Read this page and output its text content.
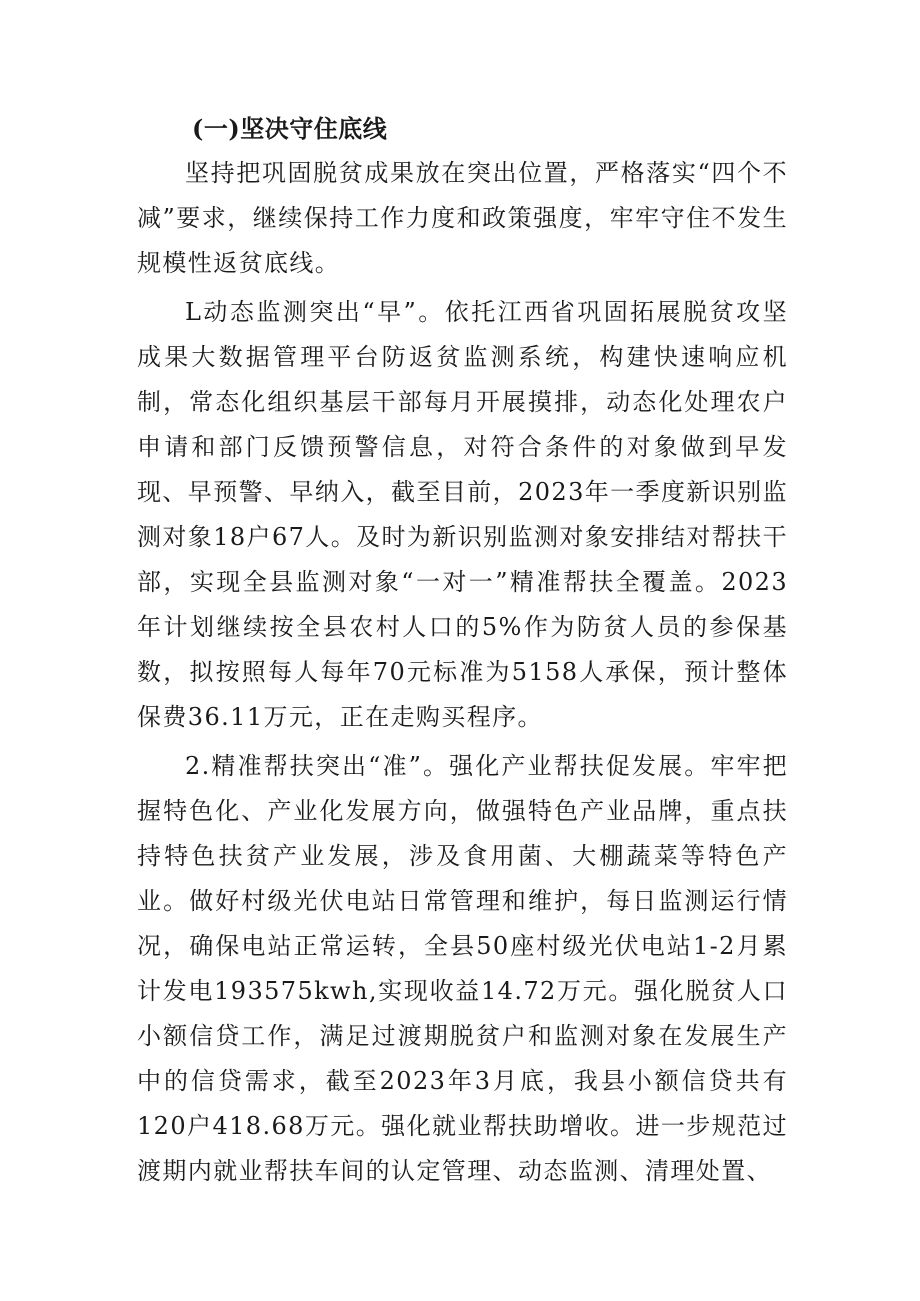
(一)坚决守住底线

坚持把巩固脱贫成果放在突出位置，严格落实“四个不减”要求，继续保持工作力度和政策强度，牢牢守住不发生规模性返贫底线。

L动态监测突出“早”。依托江西省巩固拓展脱贫攻坚成果大数据管理平台防返贫监测系统，构建快速响应机制，常态化组织基层干部每月开展摸排，动态化处理农户申请和部门反馈预警信息，对符合条件的对象做到早发现、早预警、早纳入，截至目前，2023年一季度新识别监测对象18户67人。及时为新识别监测对象安排结对帮扶干部，实现全县监测对象“一对一”精准帮扶全覆盖。2023年计划继续按全县农村人口的5%作为防贫人员的参保基数，拟按照每人每年70元标准为5158人承保，预计整体保费36.11万元，正在走购买程序。

2.精准帮扶突出“准”。强化产业帮扶促发展。牢牢把握特色化、产业化发展方向，做强特色产业品牌，重点扶持特色扶贫产业发展，涉及食用菌、大棚蔬菜等特色产业。做好村级光伏电站日常管理和维护，每日监测运行情况，确保电站正常运转，全县50座村级光伏电站1-2月累计发电193575kwh,实现收益14.72万元。强化脱贫人口小额信贷工作，满足过渡期脱贫户和监测对象在发展生产中的信贷需求，截至2023年3月底，我县小额信贷共有120户418.68万元。强化就业帮扶助增收。进一步规范过渡期内就业帮扶车间的认定管理、动态监测、清理处置、
